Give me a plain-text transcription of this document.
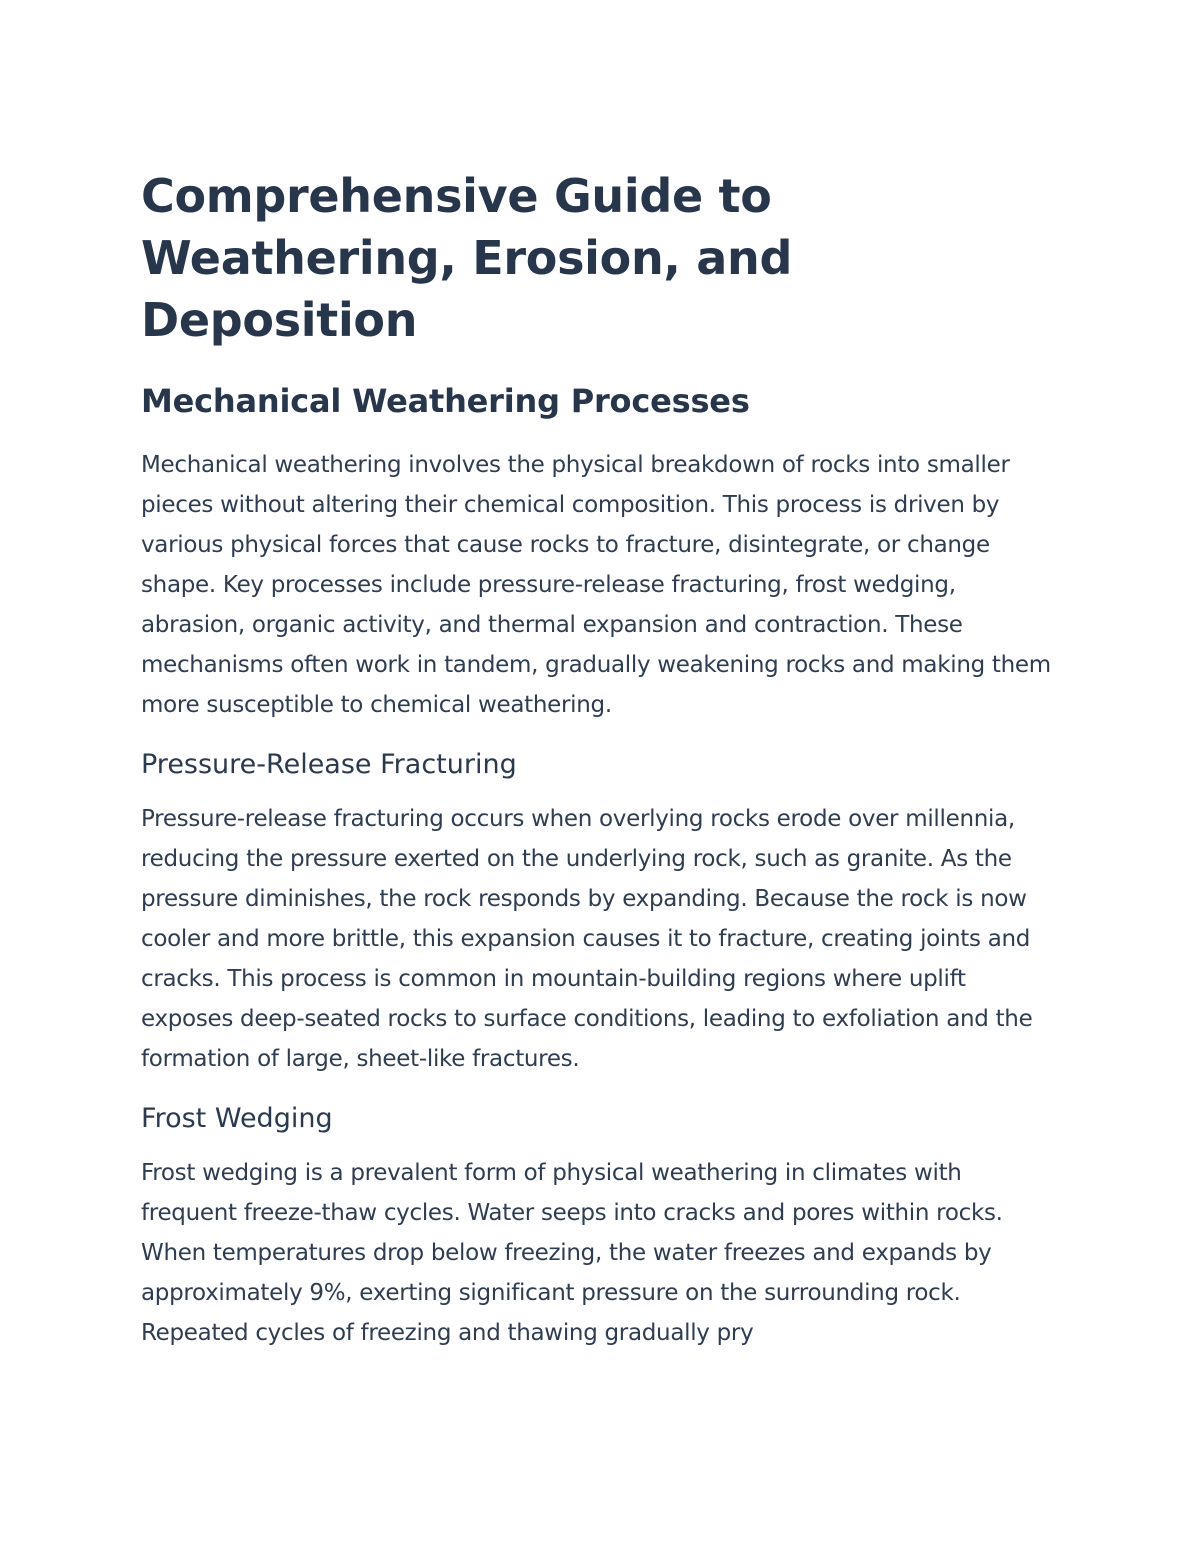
Comprehensive Guide to Weathering, Erosion, and Deposition
Mechanical Weathering Processes

Mechanical weathering involves the physical breakdown of rocks into smaller pieces without altering their chemical composition. This process is driven by various physical forces that cause rocks to fracture, disintegrate, or change shape. Key processes include pressure-release fracturing, frost wedging, abrasion, organic activity, and thermal expansion and contraction. These mechanisms often work in tandem, gradually weakening rocks and making them more susceptible to chemical weathering.

Pressure-Release Fracturing

Pressure-release fracturing occurs when overlying rocks erode over millennia, reducing the pressure exerted on the underlying rock, such as granite. As the pressure diminishes, the rock responds by expanding. Because the rock is now cooler and more brittle, this expansion causes it to fracture, creating joints and cracks. This process is common in mountain-building regions where uplift exposes deep-seated rocks to surface conditions, leading to exfoliation and the formation of large, sheet-like fractures.

Frost Wedging

Frost wedging is a prevalent form of physical weathering in climates with frequent freeze-thaw cycles. Water seeps into cracks and pores within rocks. When temperatures drop below freezing, the water freezes and expands by approximately 9%, exerting significant pressure on the surrounding rock. Repeated cycles of freezing and thawing gradually pry
